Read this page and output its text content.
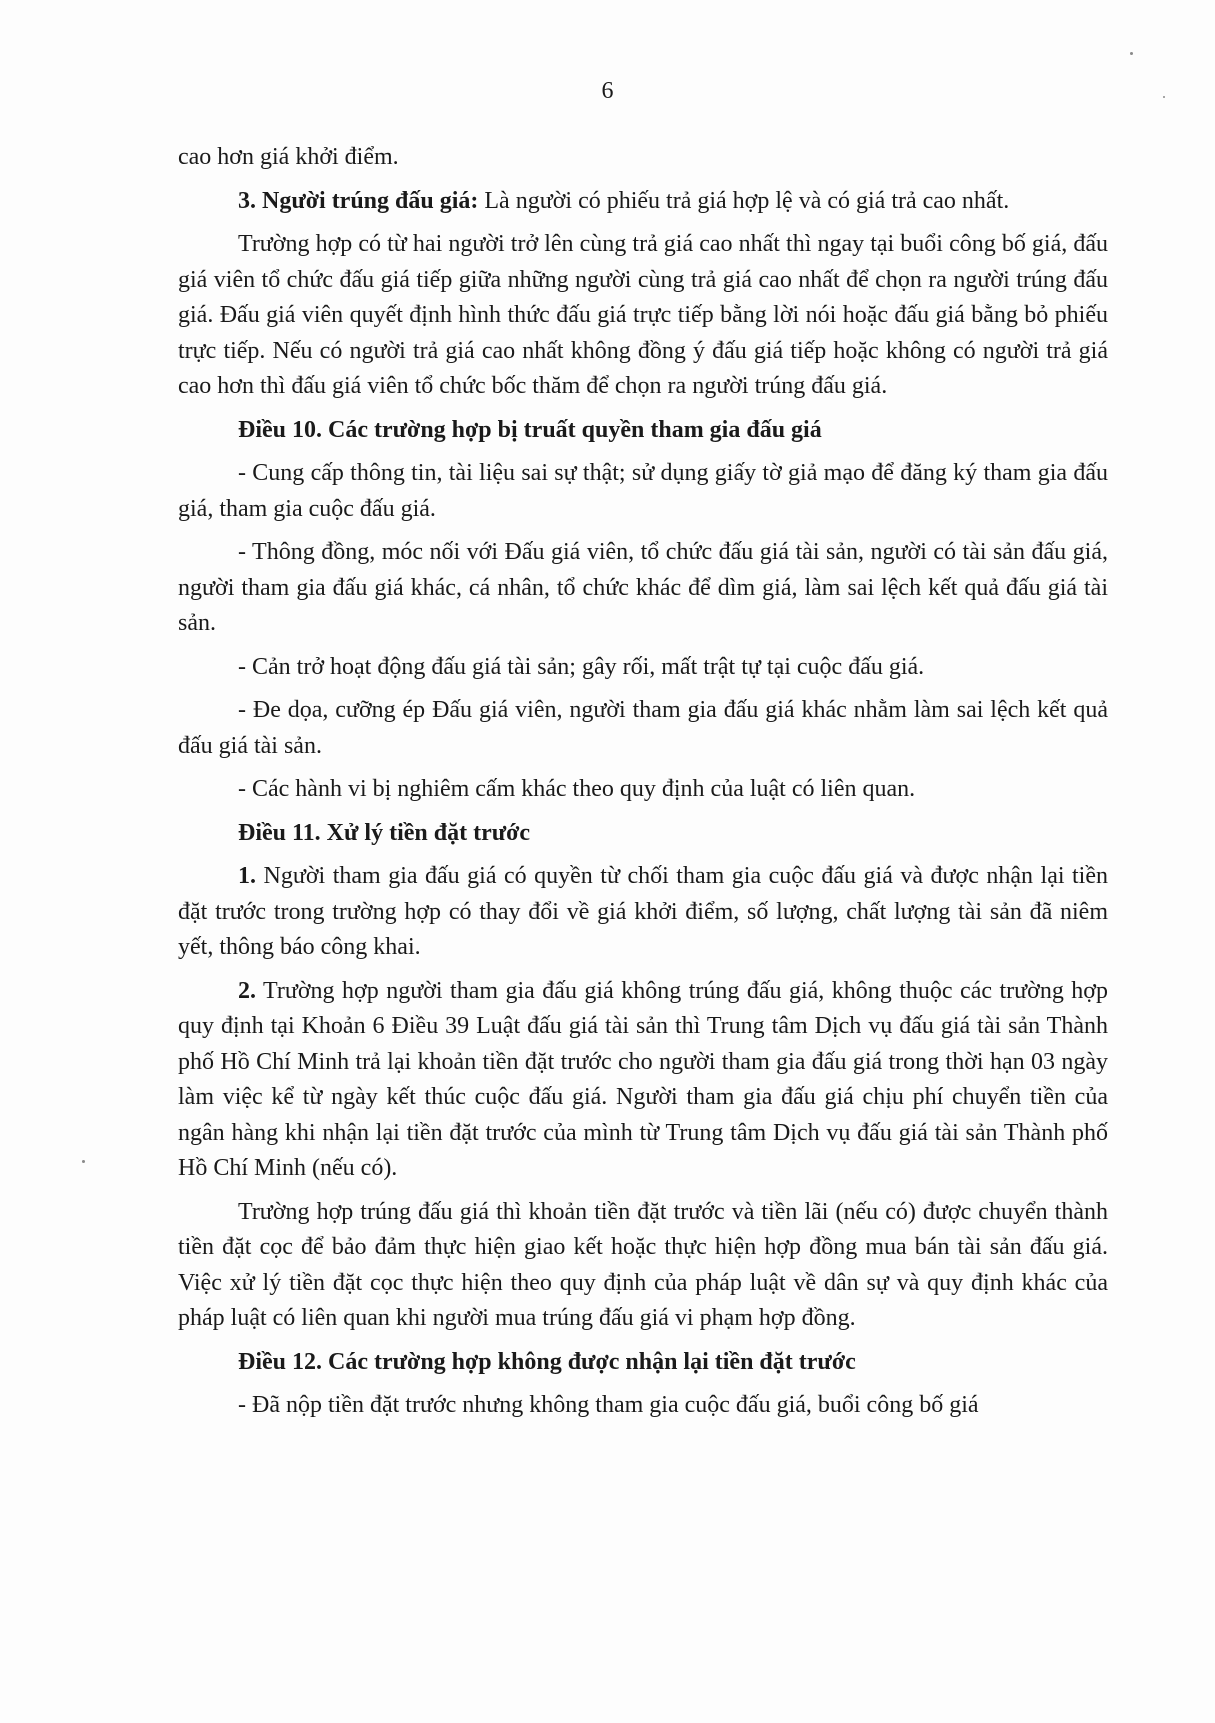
6

cao hơn giá khởi điểm.

3. Người trúng đấu giá: Là người có phiếu trả giá hợp lệ và có giá trả cao nhất.

Trường hợp có từ hai người trở lên cùng trả giá cao nhất thì ngay tại buổi công bố giá, đấu giá viên tổ chức đấu giá tiếp giữa những người cùng trả giá cao nhất để chọn ra người trúng đấu giá. Đấu giá viên quyết định hình thức đấu giá trực tiếp bằng lời nói hoặc đấu giá bằng bỏ phiếu trực tiếp. Nếu có người trả giá cao nhất không đồng ý đấu giá tiếp hoặc không có người trả giá cao hơn thì đấu giá viên tổ chức bốc thăm để chọn ra người trúng đấu giá.

Điều 10. Các trường hợp bị truất quyền tham gia đấu giá

- Cung cấp thông tin, tài liệu sai sự thật; sử dụng giấy tờ giả mạo để đăng ký tham gia đấu giá, tham gia cuộc đấu giá.

- Thông đồng, móc nối với Đấu giá viên, tổ chức đấu giá tài sản, người có tài sản đấu giá, người tham gia đấu giá khác, cá nhân, tổ chức khác để dìm giá, làm sai lệch kết quả đấu giá tài sản.

- Cản trở hoạt động đấu giá tài sản; gây rối, mất trật tự tại cuộc đấu giá.

- Đe dọa, cưỡng ép Đấu giá viên, người tham gia đấu giá khác nhằm làm sai lệch kết quả đấu giá tài sản.

- Các hành vi bị nghiêm cấm khác theo quy định của luật có liên quan.

Điều 11. Xử lý tiền đặt trước

1. Người tham gia đấu giá có quyền từ chối tham gia cuộc đấu giá và được nhận lại tiền đặt trước trong trường hợp có thay đổi về giá khởi điểm, số lượng, chất lượng tài sản đã niêm yết, thông báo công khai.

2. Trường hợp người tham gia đấu giá không trúng đấu giá, không thuộc các trường hợp quy định tại Khoản 6 Điều 39 Luật đấu giá tài sản thì Trung tâm Dịch vụ đấu giá tài sản Thành phố Hồ Chí Minh trả lại khoản tiền đặt trước cho người tham gia đấu giá trong thời hạn 03 ngày làm việc kể từ ngày kết thúc cuộc đấu giá. Người tham gia đấu giá chịu phí chuyển tiền của ngân hàng khi nhận lại tiền đặt trước của mình từ Trung tâm Dịch vụ đấu giá tài sản Thành phố Hồ Chí Minh (nếu có).

Trường hợp trúng đấu giá thì khoản tiền đặt trước và tiền lãi (nếu có) được chuyển thành tiền đặt cọc để bảo đảm thực hiện giao kết hoặc thực hiện hợp đồng mua bán tài sản đấu giá. Việc xử lý tiền đặt cọc thực hiện theo quy định của pháp luật về dân sự và quy định khác của pháp luật có liên quan khi người mua trúng đấu giá vi phạm hợp đồng.

Điều 12. Các trường hợp không được nhận lại tiền đặt trước

- Đã nộp tiền đặt trước nhưng không tham gia cuộc đấu giá, buổi công bố giá
